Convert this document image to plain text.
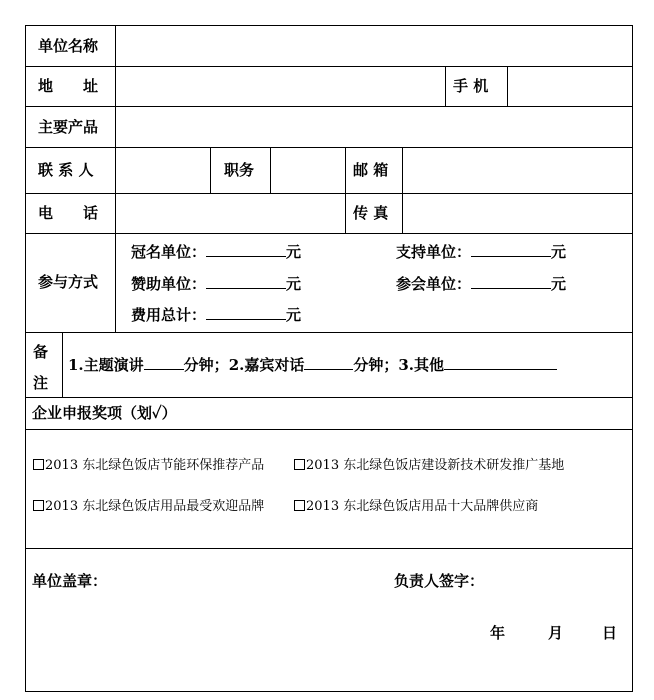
单位名称
地　　址	手 机
主要产品
联 系 人	职务	邮 箱
电　　话	传 真
参与方式
冠名单位：	元	支持单位：	元
赞助单位：	元	参会单位：	元
费用总计：	元
备
注
1.主题演讲	分钟；2.嘉宾对话	分钟；3.其他
企业申报奖项（划✓）
2013 东北绿色饭店节能环保推荐产品	2013 东北绿色饭店建设新技术研发推广基地
2013 东北绿色饭店用品最受欢迎品牌	2013 东北绿色饭店用品十大品牌供应商
单位盖章：	负责人签字：
年	月	日
